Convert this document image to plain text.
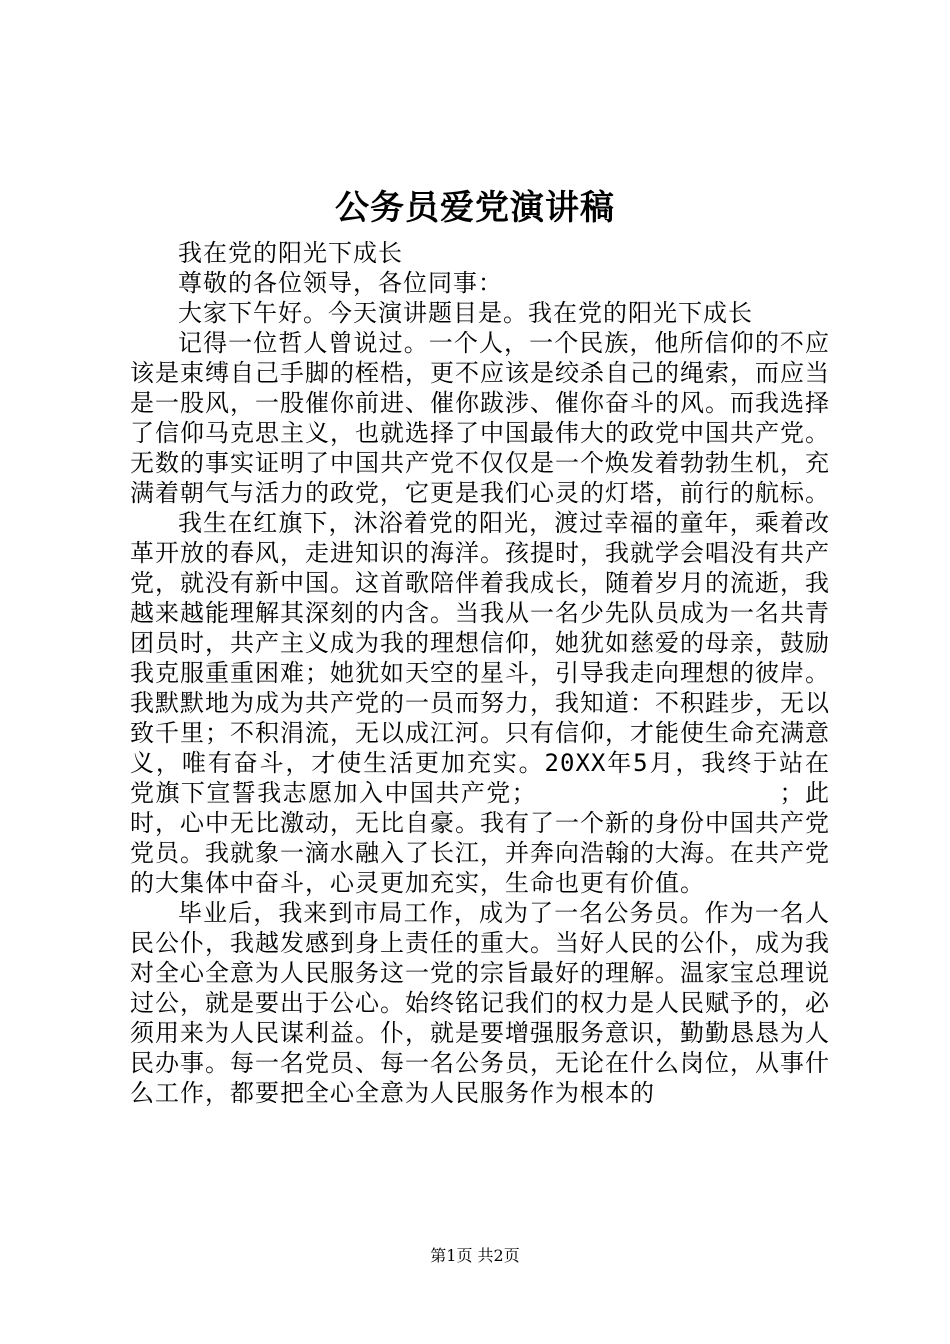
公务员爱党演讲稿

我在党的阳光下成长

尊敬的各位领导，各位同事：

大家下午好。今天演讲题目是。我在党的阳光下成长

记得一位哲人曾说过。一个人，一个民族，他所信仰的不应该是束缚自己手脚的桎梏，更不应该是绞杀自己的绳索，而应当是一股风，一股催你前进、催你跋涉、催你奋斗的风。而我选择了信仰马克思主义，也就选择了中国最伟大的政党中国共产党。无数的事实证明了中国共产党不仅仅是一个焕发着勃勃生机，充满着朝气与活力的政党，它更是我们心灵的灯塔，前行的航标。

我生在红旗下，沐浴着党的阳光，渡过幸福的童年，乘着改革开放的春风，走进知识的海洋。孩提时，我就学会唱没有共产党，就没有新中国。这首歌陪伴着我成长，随着岁月的流逝，我越来越能理解其深刻的内含。当我从一名少先队员成为一名共青团员时，共产主义成为我的理想信仰，她犹如慈爱的母亲，鼓励我克服重重困难；她犹如天空的星斗，引导我走向理想的彼岸。我默默地为成为共产党的一员而努力，我知道：不积跬步，无以致千里；不积涓流，无以成江河。只有信仰，才能使生命充满意义，唯有奋斗，才使生活更加充实。20XX年5月，我终于站在党旗下宣誓我志愿加入中国共产党；　　　　　　　　　　；此时，心中无比激动，无比自豪。我有了一个新的身份中国共产党党员。我就象一滴水融入了长江，并奔向浩翰的大海。在共产党的大集体中奋斗，心灵更加充实，生命也更有价值。

毕业后，我来到市局工作，成为了一名公务员。作为一名人民公仆，我越发感到身上责任的重大。当好人民的公仆，成为我对全心全意为人民服务这一党的宗旨最好的理解。温家宝总理说过公，就是要出于公心。始终铭记我们的权力是人民赋予的，必须用来为人民谋利益。仆，就是要增强服务意识，勤勤恳恳为人民办事。每一名党员、每一名公务员，无论在什么岗位，从事什么工作，都要把全心全意为人民服务作为根本的

第1页 共2页
